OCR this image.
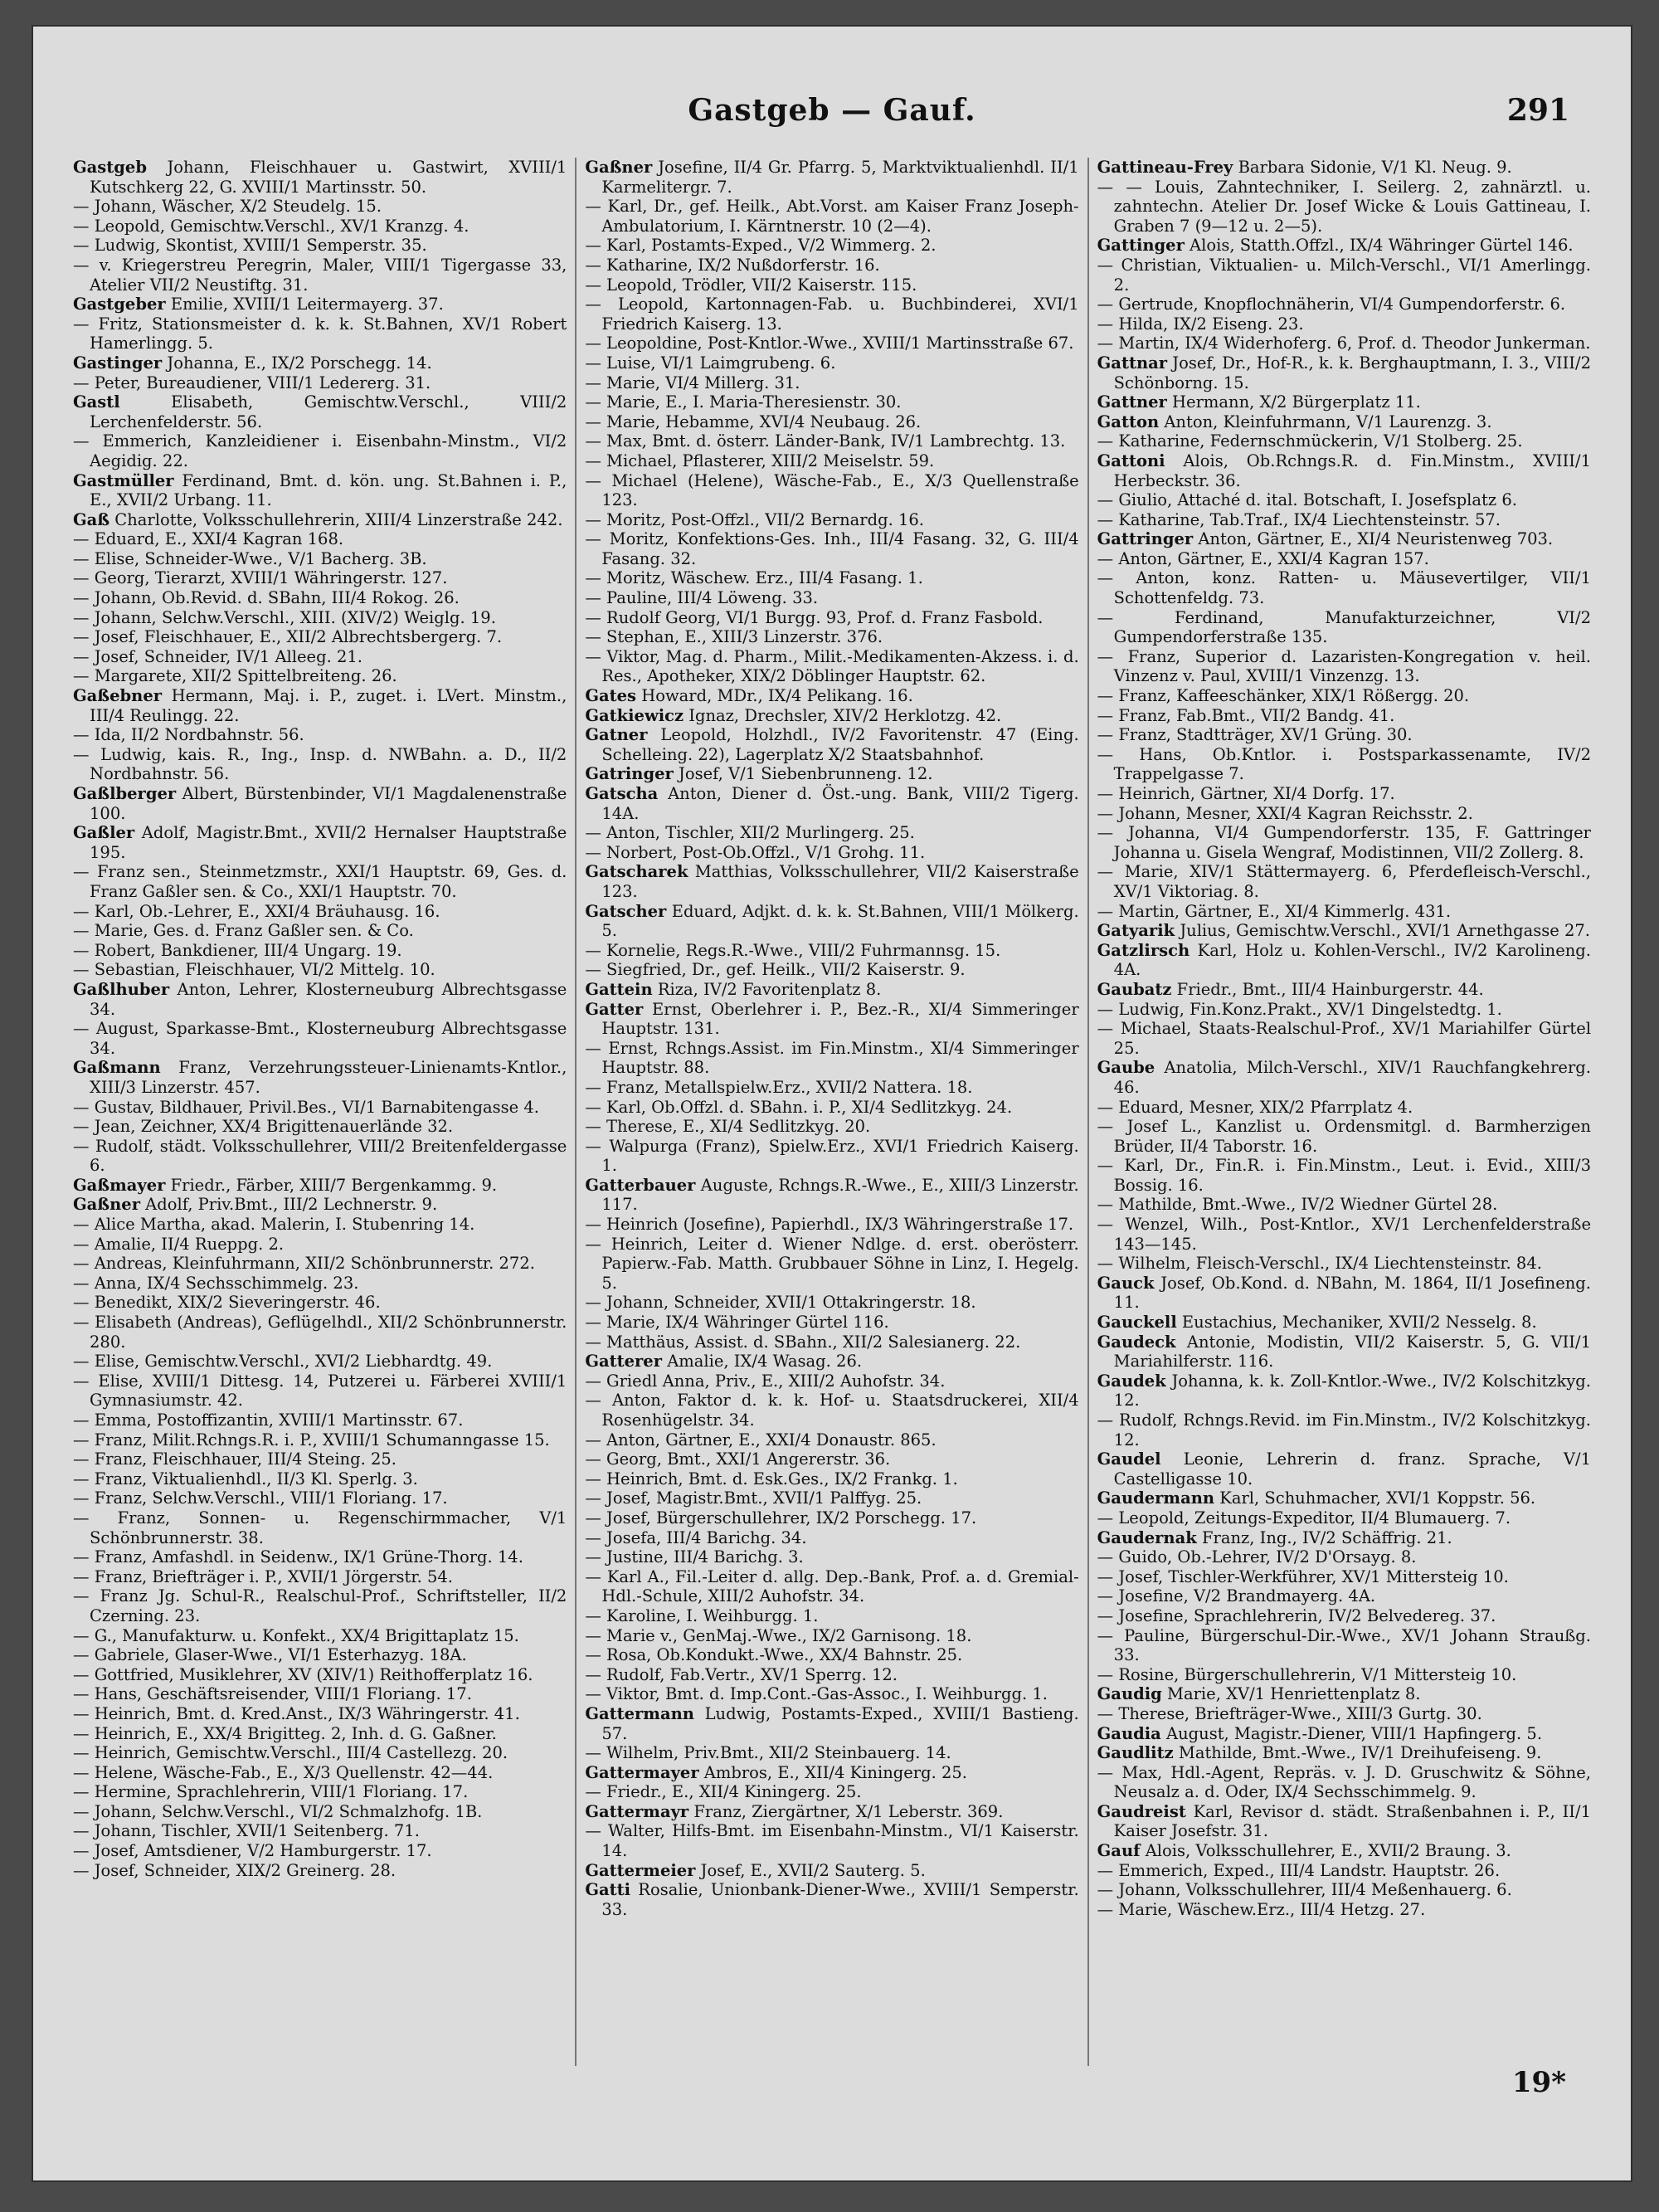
Gastgeb — Gauf.	291

Gastgeb Johann, Fleischhauer u. Gastwirt, XVIII/1 Kutschkerg 22, G. XVIII/1 Martinsstr. 50.

— Johann, Wäscher, X/2 Steudelg. 15.

— Leopold, Gemischtw.Verschl., XV/1 Kranzg. 4.

— Ludwig, Skontist, XVIII/1 Semperstr. 35.

— v. Kriegerstreu Peregrin, Maler, VIII/1 Tigergasse 33, Atelier VII/2 Neustiftg. 31.

Gastgeber Emilie, XVIII/1 Leitermayerg. 37.

— Fritz, Stationsmeister d. k. k. St.Bahnen, XV/1 Robert Hamerlingg. 5.

Gastinger Johanna, E., IX/2 Porschegg. 14.

— Peter, Bureaudiener, VIII/1 Ledererg. 31.

Gastl Elisabeth, Gemischtw.Verschl., VIII/2 Lerchenfelderstr. 56.

— Emmerich, Kanzleidiener i. Eisenbahn-Minstm., VI/2 Aegidig. 22.

Gastmüller Ferdinand, Bmt. d. kön. ung. St.Bahnen i. P., E., XVII/2 Urbang. 11.

Gaß Charlotte, Volksschullehrerin, XIII/4 Linzerstraße 242.

— Eduard, E., XXI/4 Kagran 168.

— Elise, Schneider-Wwe., V/1 Bacherg. 3B.

— Georg, Tierarzt, XVIII/1 Währingerstr. 127.

— Johann, Ob.Revid. d. SBahn, III/4 Rokog. 26.

— Johann, Selchw.Verschl., XIII. (XIV/2) Weiglg. 19.

— Josef, Fleischhauer, E., XII/2 Albrechtsbergerg. 7.

— Josef, Schneider, IV/1 Alleeg. 21.

— Margarete, XII/2 Spittelbreiteng. 26.

Gaßebner Hermann, Maj. i. P., zuget. i. LVert. Minstm., III/4 Reulingg. 22.

— Ida, II/2 Nordbahnstr. 56.

— Ludwig, kais. R., Ing., Insp. d. NWBahn. a. D., II/2 Nordbahnstr. 56.

Gaßlberger Albert, Bürstenbinder, VI/1 Magdalenenstraße 100.

Gaßler Adolf, Magistr.Bmt., XVII/2 Hernalser Hauptstraße 195.

— Franz sen., Steinmetzmstr., XXI/1 Hauptstr. 69, Ges. d. Franz Gaßler sen. & Co., XXI/1 Hauptstr. 70.

— Karl, Ob.-Lehrer, E., XXI/4 Bräuhausg. 16.

— Marie, Ges. d. Franz Gaßler sen. & Co.

— Robert, Bankdiener, III/4 Ungarg. 19.

— Sebastian, Fleischhauer, VI/2 Mittelg. 10.

Gaßlhuber Anton, Lehrer, Klosterneuburg Albrechtsgasse 34.

— August, Sparkasse-Bmt., Klosterneuburg Albrechtsgasse 34.

Gaßmann Franz, Verzehrungssteuer-Linienamts-Kntlor., XIII/3 Linzerstr. 457.

— Gustav, Bildhauer, Privil.Bes., VI/1 Barnabitengasse 4.

— Jean, Zeichner, XX/4 Brigittenauerlände 32.

— Rudolf, städt. Volksschullehrer, VIII/2 Breitenfeldergasse 6.

Gaßmayer Friedr., Färber, XIII/7 Bergenkammg. 9.

Gaßner Adolf, Priv.Bmt., III/2 Lechnerstr. 9.

— Alice Martha, akad. Malerin, I. Stubenring 14.

— Amalie, II/4 Rueppg. 2.

— Andreas, Kleinfuhrmann, XII/2 Schönbrunnerstr. 272.

— Anna, IX/4 Sechsschimmelg. 23.

— Benedikt, XIX/2 Sieveringerstr. 46.

— Elisabeth (Andreas), Geflügelhdl., XII/2 Schönbrunnerstr. 280.

— Elise, Gemischtw.Verschl., XVI/2 Liebhardtg. 49.

— Elise, XVIII/1 Dittesg. 14, Putzerei u. Färberei XVIII/1 Gymnasiumstr. 42.

— Emma, Postoffizantin, XVIII/1 Martinsstr. 67.

— Franz, Milit.Rchngs.R. i. P., XVIII/1 Schumanngasse 15.

— Franz, Fleischhauer, III/4 Steing. 25.

— Franz, Viktualienhdl., II/3 Kl. Sperlg. 3.

— Franz, Selchw.Verschl., VIII/1 Floriang. 17.

— Franz, Sonnen- u. Regenschirmmacher, V/1 Schönbrunnerstr. 38.

— Franz, Amfashdl. in Seidenw., IX/1 Grüne-Thorg. 14.

— Franz, Briefträger i. P., XVII/1 Jörgerstr. 54.

— Franz Jg. Schul-R., Realschul-Prof., Schriftsteller, II/2 Czerning. 23.

— G., Manufakturw. u. Konfekt., XX/4 Brigittaplatz 15.

— Gabriele, Glaser-Wwe., VI/1 Esterhazyg. 18A.

— Gottfried, Musiklehrer, XV (XIV/1) Reithofferplatz 16.

— Hans, Geschäftsreisender, VIII/1 Floriang. 17.

— Heinrich, Bmt. d. Kred.Anst., IX/3 Währingerstr. 41.

— Heinrich, E., XX/4 Brigitteg. 2, Inh. d. G. Gaßner.

— Heinrich, Gemischtw.Verschl., III/4 Castellezg. 20.

— Helene, Wäsche-Fab., E., X/3 Quellenstr. 42—44.

— Hermine, Sprachlehrerin, VIII/1 Floriang. 17.

— Johann, Selchw.Verschl., VI/2 Schmalzhofg. 1B.

— Johann, Tischler, XVII/1 Seitenberg. 71.

— Josef, Amtsdiener, V/2 Hamburgerstr. 17.

— Josef, Schneider, XIX/2 Greinerg. 28.

Gaßner Josefine, II/4 Gr. Pfarrg. 5, Marktviktualienhdl. II/1 Karmelitergr. 7.

— Karl, Dr., gef. Heilk., Abt.Vorst. am Kaiser Franz Joseph-Ambulatorium, I. Kärntnerstr. 10 (2—4).

— Karl, Postamts-Exped., V/2 Wimmerg. 2.

— Katharine, IX/2 Nußdorferstr. 16.

— Leopold, Trödler, VII/2 Kaiserstr. 115.

— Leopold, Kartonnagen-Fab. u. Buchbinderei, XVI/1 Friedrich Kaiserg. 13.

— Leopoldine, Post-Kntlor.-Wwe., XVIII/1 Martinsstraße 67.

— Luise, VI/1 Laimgrubeng. 6.

— Marie, VI/4 Millerg. 31.

— Marie, E., I. Maria-Theresienstr. 30.

— Marie, Hebamme, XVI/4 Neubaug. 26.

— Max, Bmt. d. österr. Länder-Bank, IV/1 Lambrechtg. 13.

— Michael, Pflasterer, XIII/2 Meiselstr. 59.

— Michael (Helene), Wäsche-Fab., E., X/3 Quellenstraße 123.

— Moritz, Post-Offzl., VII/2 Bernardg. 16.

— Moritz, Konfektions-Ges. Inh., III/4 Fasang. 32, G. III/4 Fasang. 32.

— Moritz, Wäschew. Erz., III/4 Fasang. 1.

— Pauline, III/4 Löweng. 33.

— Rudolf Georg, VI/1 Burgg. 93, Prof. d. Franz Fasbold.

— Stephan, E., XIII/3 Linzerstr. 376.

— Viktor, Mag. d. Pharm., Milit.-Medikamenten-Akzess. i. d. Res., Apotheker, XIX/2 Döblinger Hauptstr. 62.

Gates Howard, MDr., IX/4 Pelikang. 16.

Gatkiewicz Ignaz, Drechsler, XIV/2 Herklotzg. 42.

Gatner Leopold, Holzhdl., IV/2 Favoritenstr. 47 (Eing. Schelleing. 22), Lagerplatz X/2 Staatsbahnhof.

Gatringer Josef, V/1 Siebenbrunneng. 12.

Gatscha Anton, Diener d. Öst.-ung. Bank, VIII/2 Tigerg. 14A.

— Anton, Tischler, XII/2 Murlingerg. 25.

— Norbert, Post-Ob.Offzl., V/1 Grohg. 11.

Gatscharek Matthias, Volksschullehrer, VII/2 Kaiserstraße 123.

Gatscher Eduard, Adjkt. d. k. k. St.Bahnen, VIII/1 Mölkerg. 5.

— Kornelie, Regs.R.-Wwe., VIII/2 Fuhrmannsg. 15.

— Siegfried, Dr., gef. Heilk., VII/2 Kaiserstr. 9.

Gattein Riza, IV/2 Favoritenplatz 8.

Gatter Ernst, Oberlehrer i. P., Bez.-R., XI/4 Simmeringer Hauptstr. 131.

— Ernst, Rchngs.Assist. im Fin.Minstm., XI/4 Simmeringer Hauptstr. 88.

— Franz, Metallspielw.Erz., XVII/2 Nattera. 18.

— Karl, Ob.Offzl. d. SBahn. i. P., XI/4 Sedlitzkyg. 24.

— Therese, E., XI/4 Sedlitzkyg. 20.

— Walpurga (Franz), Spielw.Erz., XVI/1 Friedrich Kaiserg. 1.

Gatterbauer Auguste, Rchngs.R.-Wwe., E., XIII/3 Linzerstr. 117.

— Heinrich (Josefine), Papierhdl., IX/3 Währingerstraße 17.

— Heinrich, Leiter d. Wiener Ndlge. d. erst. oberösterr. Papierw.-Fab. Matth. Grubbauer Söhne in Linz, I. Hegelg. 5.

— Johann, Schneider, XVII/1 Ottakringerstr. 18.

— Marie, IX/4 Währinger Gürtel 116.

— Matthäus, Assist. d. SBahn., XII/2 Salesianerg. 22.

Gatterer Amalie, IX/4 Wasag. 26.

— Griedl Anna, Priv., E., XIII/2 Auhofstr. 34.

— Anton, Faktor d. k. k. Hof- u. Staatsdruckerei, XII/4 Rosenhügelstr. 34.

— Anton, Gärtner, E., XXI/4 Donaustr. 865.

— Georg, Bmt., XXI/1 Angererstr. 36.

— Heinrich, Bmt. d. Esk.Ges., IX/2 Frankg. 1.

— Josef, Magistr.Bmt., XVII/1 Palffyg. 25.

— Josef, Bürgerschullehrer, IX/2 Porschegg. 17.

— Josefa, III/4 Barichg. 34.

— Justine, III/4 Barichg. 3.

— Karl A., Fil.-Leiter d. allg. Dep.-Bank, Prof. a. d. Gremial-Hdl.-Schule, XIII/2 Auhofstr. 34.

— Karoline, I. Weihburgg. 1.

— Marie v., GenMaj.-Wwe., IX/2 Garnisong. 18.

— Rosa, Ob.Kondukt.-Wwe., XX/4 Bahnstr. 25.

— Rudolf, Fab.Vertr., XV/1 Sperrg. 12.

— Viktor, Bmt. d. Imp.Cont.-Gas-Assoc., I. Weihburgg. 1.

Gattermann Ludwig, Postamts-Exped., XVIII/1 Bastieng. 57.

— Wilhelm, Priv.Bmt., XII/2 Steinbauerg. 14.

Gattermayer Ambros, E., XII/4 Kiningerg. 25.

— Friedr., E., XII/4 Kiningerg. 25.

Gattermayr Franz, Ziergärtner, X/1 Leberstr. 369.

— Walter, Hilfs-Bmt. im Eisenbahn-Minstm., VI/1 Kaiserstr. 14.

Gattermeier Josef, E., XVII/2 Sauterg. 5.

Gatti Rosalie, Unionbank-Diener-Wwe., XVIII/1 Semperstr. 33.

Gattineau-Frey Barbara Sidonie, V/1 Kl. Neug. 9.

— — Louis, Zahntechniker, I. Seilerg. 2, zahnärztl. u. zahntechn. Atelier Dr. Josef Wicke & Louis Gattineau, I. Graben 7 (9—12 u. 2—5).

Gattinger Alois, Statth.Offzl., IX/4 Währinger Gürtel 146.

— Christian, Viktualien- u. Milch-Verschl., VI/1 Amerlingg. 2.

— Gertrude, Knopflochnäherin, VI/4 Gumpendorferstr. 6.

— Hilda, IX/2 Eiseng. 23.

— Martin, IX/4 Widerhoferg. 6, Prof. d. Theodor Junkerman.

Gattnar Josef, Dr., Hof-R., k. k. Berghauptmann, I. 3., VIII/2 Schönborng. 15.

Gattner Hermann, X/2 Bürgerplatz 11.

Gatton Anton, Kleinfuhrmann, V/1 Laurenzg. 3.

— Katharine, Federnschmückerin, V/1 Stolberg. 25.

Gattoni Alois, Ob.Rchngs.R. d. Fin.Minstm., XVIII/1 Herbeckstr. 36.

— Giulio, Attaché d. ital. Botschaft, I. Josefsplatz 6.

— Katharine, Tab.Traf., IX/4 Liechtensteinstr. 57.

Gattringer Anton, Gärtner, E., XI/4 Neuristenweg 703.

— Anton, Gärtner, E., XXI/4 Kagran 157.

— Anton, konz. Ratten- u. Mäusevertilger, VII/1 Schottenfeldg. 73.

— Ferdinand, Manufakturzeichner, VI/2 Gumpendorferstraße 135.

— Franz, Superior d. Lazaristen-Kongregation v. heil. Vinzenz v. Paul, XVIII/1 Vinzenzg. 13.

— Franz, Kaffeeschänker, XIX/1 Rößergg. 20.

— Franz, Fab.Bmt., VII/2 Bandg. 41.

— Franz, Stadtträger, XV/1 Grüng. 30.

— Hans, Ob.Kntlor. i. Postsparkassenamte, IV/2 Trappelgasse 7.

— Heinrich, Gärtner, XI/4 Dorfg. 17.

— Johann, Mesner, XXI/4 Kagran Reichsstr. 2.

— Johanna, VI/4 Gumpendorferstr. 135, F. Gattringer Johanna u. Gisela Wengraf, Modistinnen, VII/2 Zollerg. 8.

— Marie, XIV/1 Stättermayerg. 6, Pferdefleisch-Verschl., XV/1 Viktoriag. 8.

— Martin, Gärtner, E., XI/4 Kimmerlg. 431.

Gatyarik Julius, Gemischtw.Verschl., XVI/1 Arnethgasse 27.

Gatzlirsch Karl, Holz u. Kohlen-Verschl., IV/2 Karolineng. 4A.

Gaubatz Friedr., Bmt., III/4 Hainburgerstr. 44.

— Ludwig, Fin.Konz.Prakt., XV/1 Dingelstedtg. 1.

— Michael, Staats-Realschul-Prof., XV/1 Mariahilfer Gürtel 25.

Gaube Anatolia, Milch-Verschl., XIV/1 Rauchfangkehrerg. 46.

— Eduard, Mesner, XIX/2 Pfarrplatz 4.

— Josef L., Kanzlist u. Ordensmitgl. d. Barmherzigen Brüder, II/4 Taborstr. 16.

— Karl, Dr., Fin.R. i. Fin.Minstm., Leut. i. Evid., XIII/3 Bossig. 16.

— Mathilde, Bmt.-Wwe., IV/2 Wiedner Gürtel 28.

— Wenzel, Wilh., Post-Kntlor., XV/1 Lerchenfelderstraße 143—145.

— Wilhelm, Fleisch-Verschl., IX/4 Liechtensteinstr. 84.

Gauck Josef, Ob.Kond. d. NBahn, M. 1864, II/1 Josefineng. 11.

Gauckell Eustachius, Mechaniker, XVII/2 Nesselg. 8.

Gaudeck Antonie, Modistin, VII/2 Kaiserstr. 5, G. VII/1 Mariahilferstr. 116.

Gaudek Johanna, k. k. Zoll-Kntlor.-Wwe., IV/2 Kolschitzkyg. 12.

— Rudolf, Rchngs.Revid. im Fin.Minstm., IV/2 Kolschitzkyg. 12.

Gaudel Leonie, Lehrerin d. franz. Sprache, V/1 Castelligasse 10.

Gaudermann Karl, Schuhmacher, XVI/1 Koppstr. 56.

— Leopold, Zeitungs-Expeditor, II/4 Blumauerg. 7.

Gaudernak Franz, Ing., IV/2 Schäffrig. 21.

— Guido, Ob.-Lehrer, IV/2 D'Orsayg. 8.

— Josef, Tischler-Werkführer, XV/1 Mittersteig 10.

— Josefine, V/2 Brandmayerg. 4A.

— Josefine, Sprachlehrerin, IV/2 Belvedereg. 37.

— Pauline, Bürgerschul-Dir.-Wwe., XV/1 Johann Straußg. 33.

— Rosine, Bürgerschullehrerin, V/1 Mittersteig 10.

Gaudig Marie, XV/1 Henriettenplatz 8.

— Therese, Briefträger-Wwe., XIII/3 Gurtg. 30.

Gaudia August, Magistr.-Diener, VIII/1 Hapfingerg. 5.

Gaudlitz Mathilde, Bmt.-Wwe., IV/1 Dreihufeiseng. 9.

— Max, Hdl.-Agent, Repräs. v. J. D. Gruschwitz & Söhne, Neusalz a. d. Oder, IX/4 Sechsschimmelg. 9.

Gaudreist Karl, Revisor d. städt. Straßenbahnen i. P., II/1 Kaiser Josefstr. 31.

Gauf Alois, Volksschullehrer, E., XVII/2 Braung. 3.

— Emmerich, Exped., III/4 Landstr. Hauptstr. 26.

— Johann, Volksschullehrer, III/4 Meßenhauerg. 6.

— Marie, Wäschew.Erz., III/4 Hetzg. 27.

19*
